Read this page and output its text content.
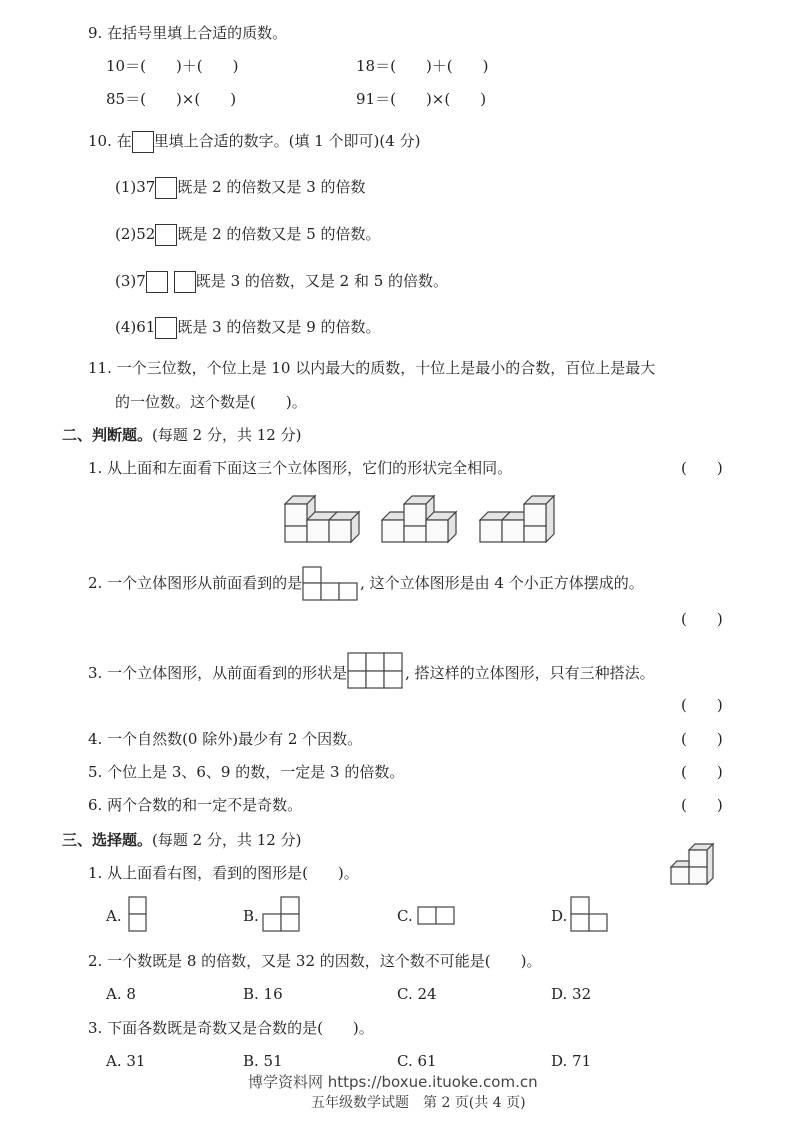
9. 在括号里填上合适的质数。
10＝(　　)＋(　　)	18＝(　　)＋(　　)
85＝(　　)×(　　)	91＝(　　)×(　　)
10. 在 里填上合适的数字。(填 1 个即可)(4 分)
(1)37 既是 2 的倍数又是 3 的倍数
(2)52 既是 2 的倍数又是 5 的倍数。
(3)7	既是 3 的倍数，又是 2 和 5 的倍数。
(4)61 既是 3 的倍数又是 9 的倍数。
11. 一个三位数，个位上是 10 以内最大的质数，十位上是最小的合数，百位上是最大
的一位数。这个数是(　　)。
二、判断题。(每题 2 分，共 12 分)
1. 从上面和左面看下面这三个立体图形，它们的形状完全相同。	(　　)
2. 一个立体图形从前面看到的是	, 这个立体图形是由 4 个小正方体摆成的。
(　　)
3. 一个立体图形，从前面看到的形状是	, 搭这样的立体图形，只有三种搭法。
(　　)
4. 一个自然数(0 除外)最少有 2 个因数。	(　　)
5. 个位上是 3、6、9 的数，一定是 3 的倍数。	(　　)
6. 两个合数的和一定不是奇数。	(　　)
三、选择题。(每题 2 分，共 12 分)
1. 从上面看右图，看到的图形是(　　)。
A.	B.	C.	D.
2. 一个数既是 8 的倍数，又是 32 的因数，这个数不可能是(　　)。
A. 8	B. 16	C. 24	D. 32
3. 下面各数既是奇数又是合数的是(　　)。
A. 31	B. 51	C. 61	D. 71
博学资料网 https://boxue.ituoke.com.cn
五年级数学试题　第 2 页(共 4 页)
